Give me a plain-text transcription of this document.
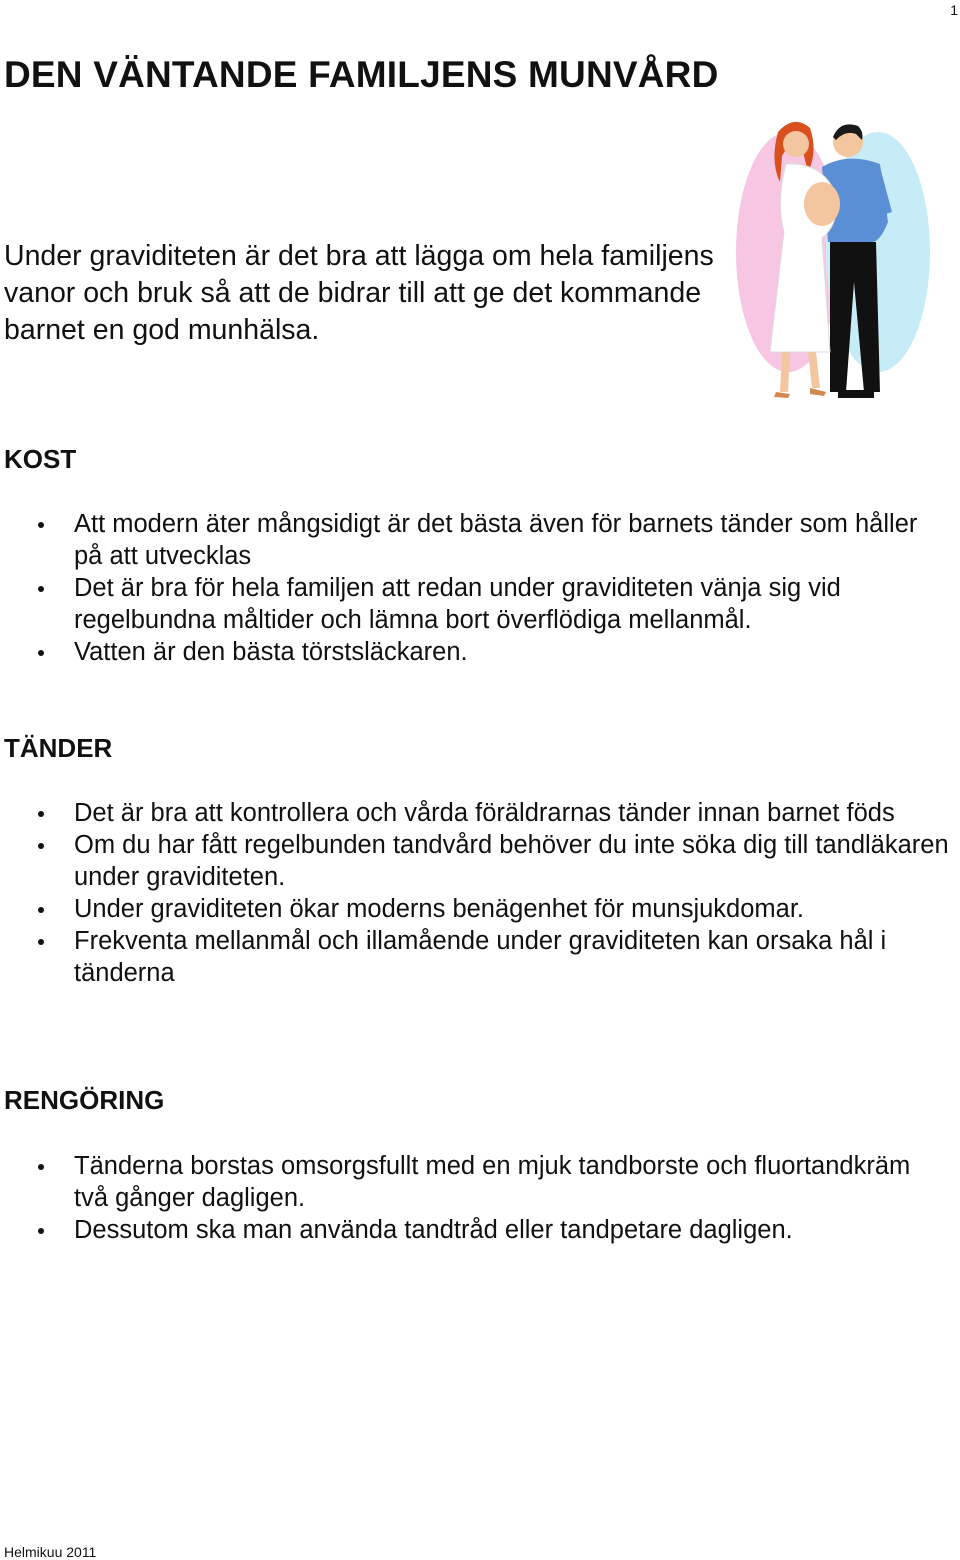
1
DEN VÄNTANDE FAMILJENS MUNVÅRD

Under graviditeten är det bra att lägga om hela familjens vanor och bruk så att de bidrar till att ge det kommande barnet en god munhälsa.

KOST
Att modern äter mångsidigt är det bästa även för barnets tänder som håller på att utvecklas
Det är bra för hela familjen att redan under graviditeten vänja sig vid regelbundna måltider och lämna bort överflödiga mellanmål.
Vatten är den bästa törstsläckaren.
TÄNDER
Det är bra att kontrollera och vårda föräldrarnas tänder innan barnet föds
Om du har fått regelbunden tandvård behöver du inte söka dig till tandläkaren under graviditeten.
Under graviditeten ökar moderns benägenhet för munsjukdomar.
Frekventa mellanmål och illamående under graviditeten kan orsaka hål i tänderna
RENGÖRING
Tänderna borstas omsorgsfullt med en mjuk tandborste och fluortandkräm två gånger dagligen.
Dessutom ska man använda tandtråd eller tandpetare dagligen.
Helmikuu 2011
